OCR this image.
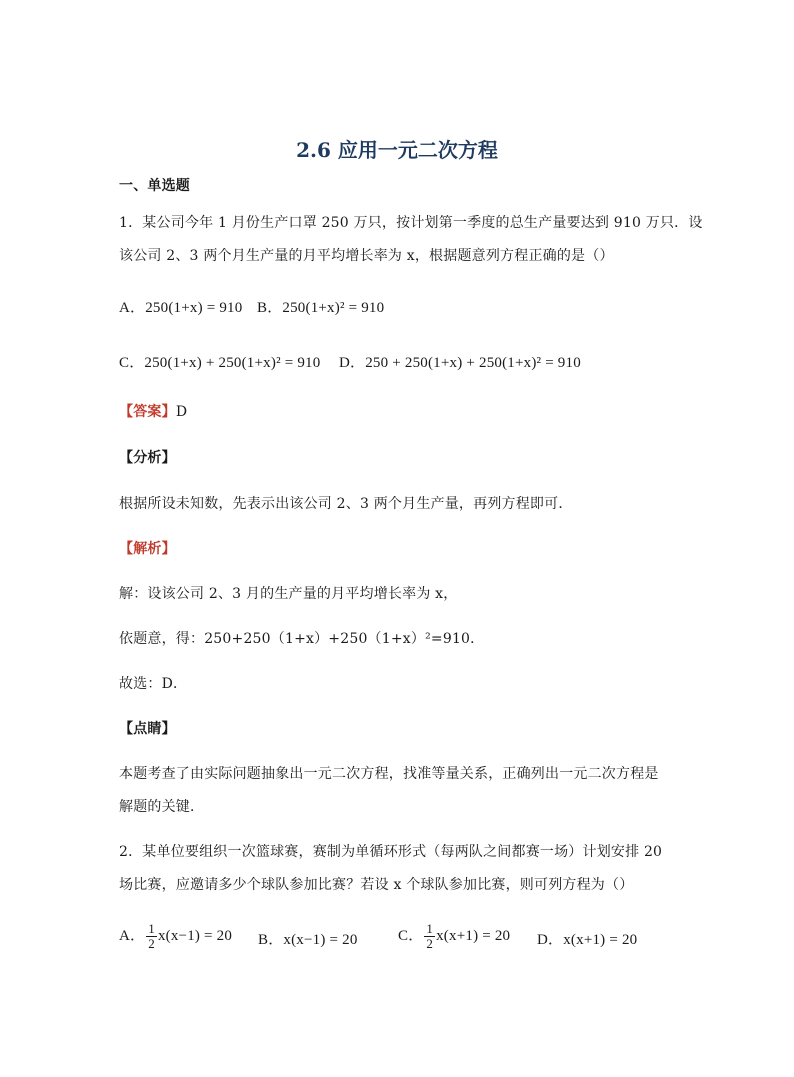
2.6 应用一元二次方程
一、单选题
1．某公司今年 1 月份生产口罩 250 万只，按计划第一季度的总生产量要达到 910 万只．设
该公司 2、3 两个月生产量的月平均增长率为 x，根据题意列方程正确的是（）
A．250(1+x) = 910 B．250(1+x)² = 910
C．250(1+x) + 250(1+x)² = 910 D．250 + 250(1+x) + 250(1+x)² = 910
【答案】D
【分析】
根据所设未知数，先表示出该公司 2、3 两个月生产量，再列方程即可．
【解析】
解：设该公司 2、3 月的生产量的月平均增长率为 x，
依题意，得：250+250（1+x）+250（1+x）²=910．
故选：D．
【点睛】
本题考查了由实际问题抽象出一元二次方程，找准等量关系，正确列出一元二次方程是
解题的关键．
2．某单位要组织一次篮球赛，赛制为单循环形式（每两队之间都赛一场）计划安排 20
场比赛，应邀请多少个球队参加比赛？若设 x 个球队参加比赛，则可列方程为（）
A． $\frac{1}{2} x(x-1) = 20$ B．x(x−1) = 20	C． $\frac{1}{2} x(x+1) = 20$ D．x(x+1) = 20
